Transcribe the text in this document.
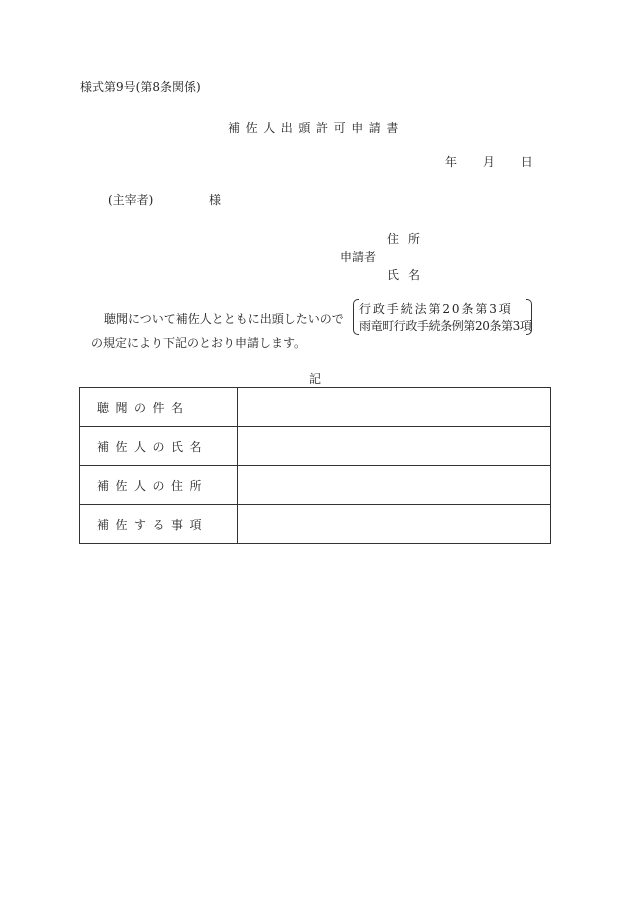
様式第9号(第8条関係)
補佐人出頭許可申請書
年 月 日
(主宰者)	様
住所
申請者
氏名
聴聞について補佐人とともに出頭したいので
行政手続法第20条第3項
雨竜町行政手続条例第20条第3項
の規定により下記のとおり申請します。
記
聴聞の件名	
補佐人の氏名	
補佐人の住所	
補佐する事項	
